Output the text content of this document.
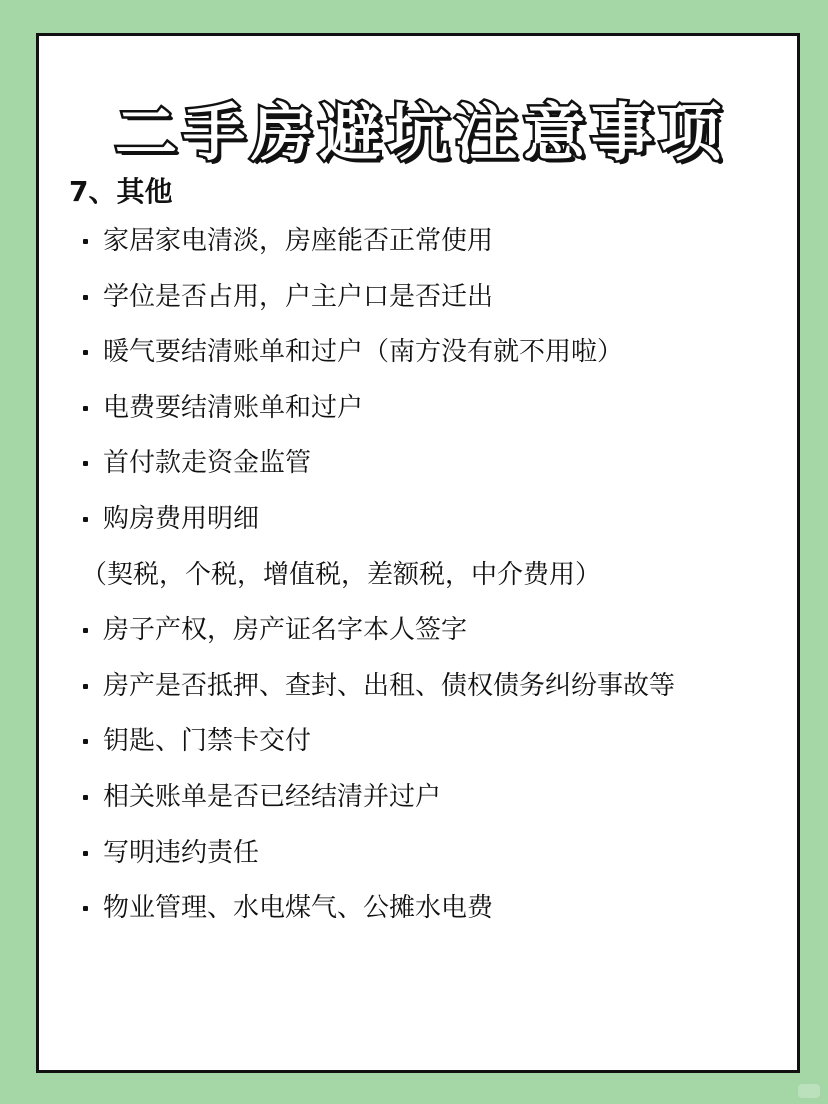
二手房避坑注意事项
7、其他
家居家电清淡，房座能否正常使用
学位是否占用，户主户口是否迁出
暖气要结清账单和过户（南方没有就不用啦）
电费要结清账单和过户
首付款走资金监管
购房费用明细
（契税，个税，增值税，差额税，中介费用）
房子产权，房产证名字本人签字
房产是否抵押、查封、出租、债权债务纠纷事故等
钥匙、门禁卡交付
相关账单是否已经结清并过户
写明违约责任
物业管理、水电煤气、公摊水电费
